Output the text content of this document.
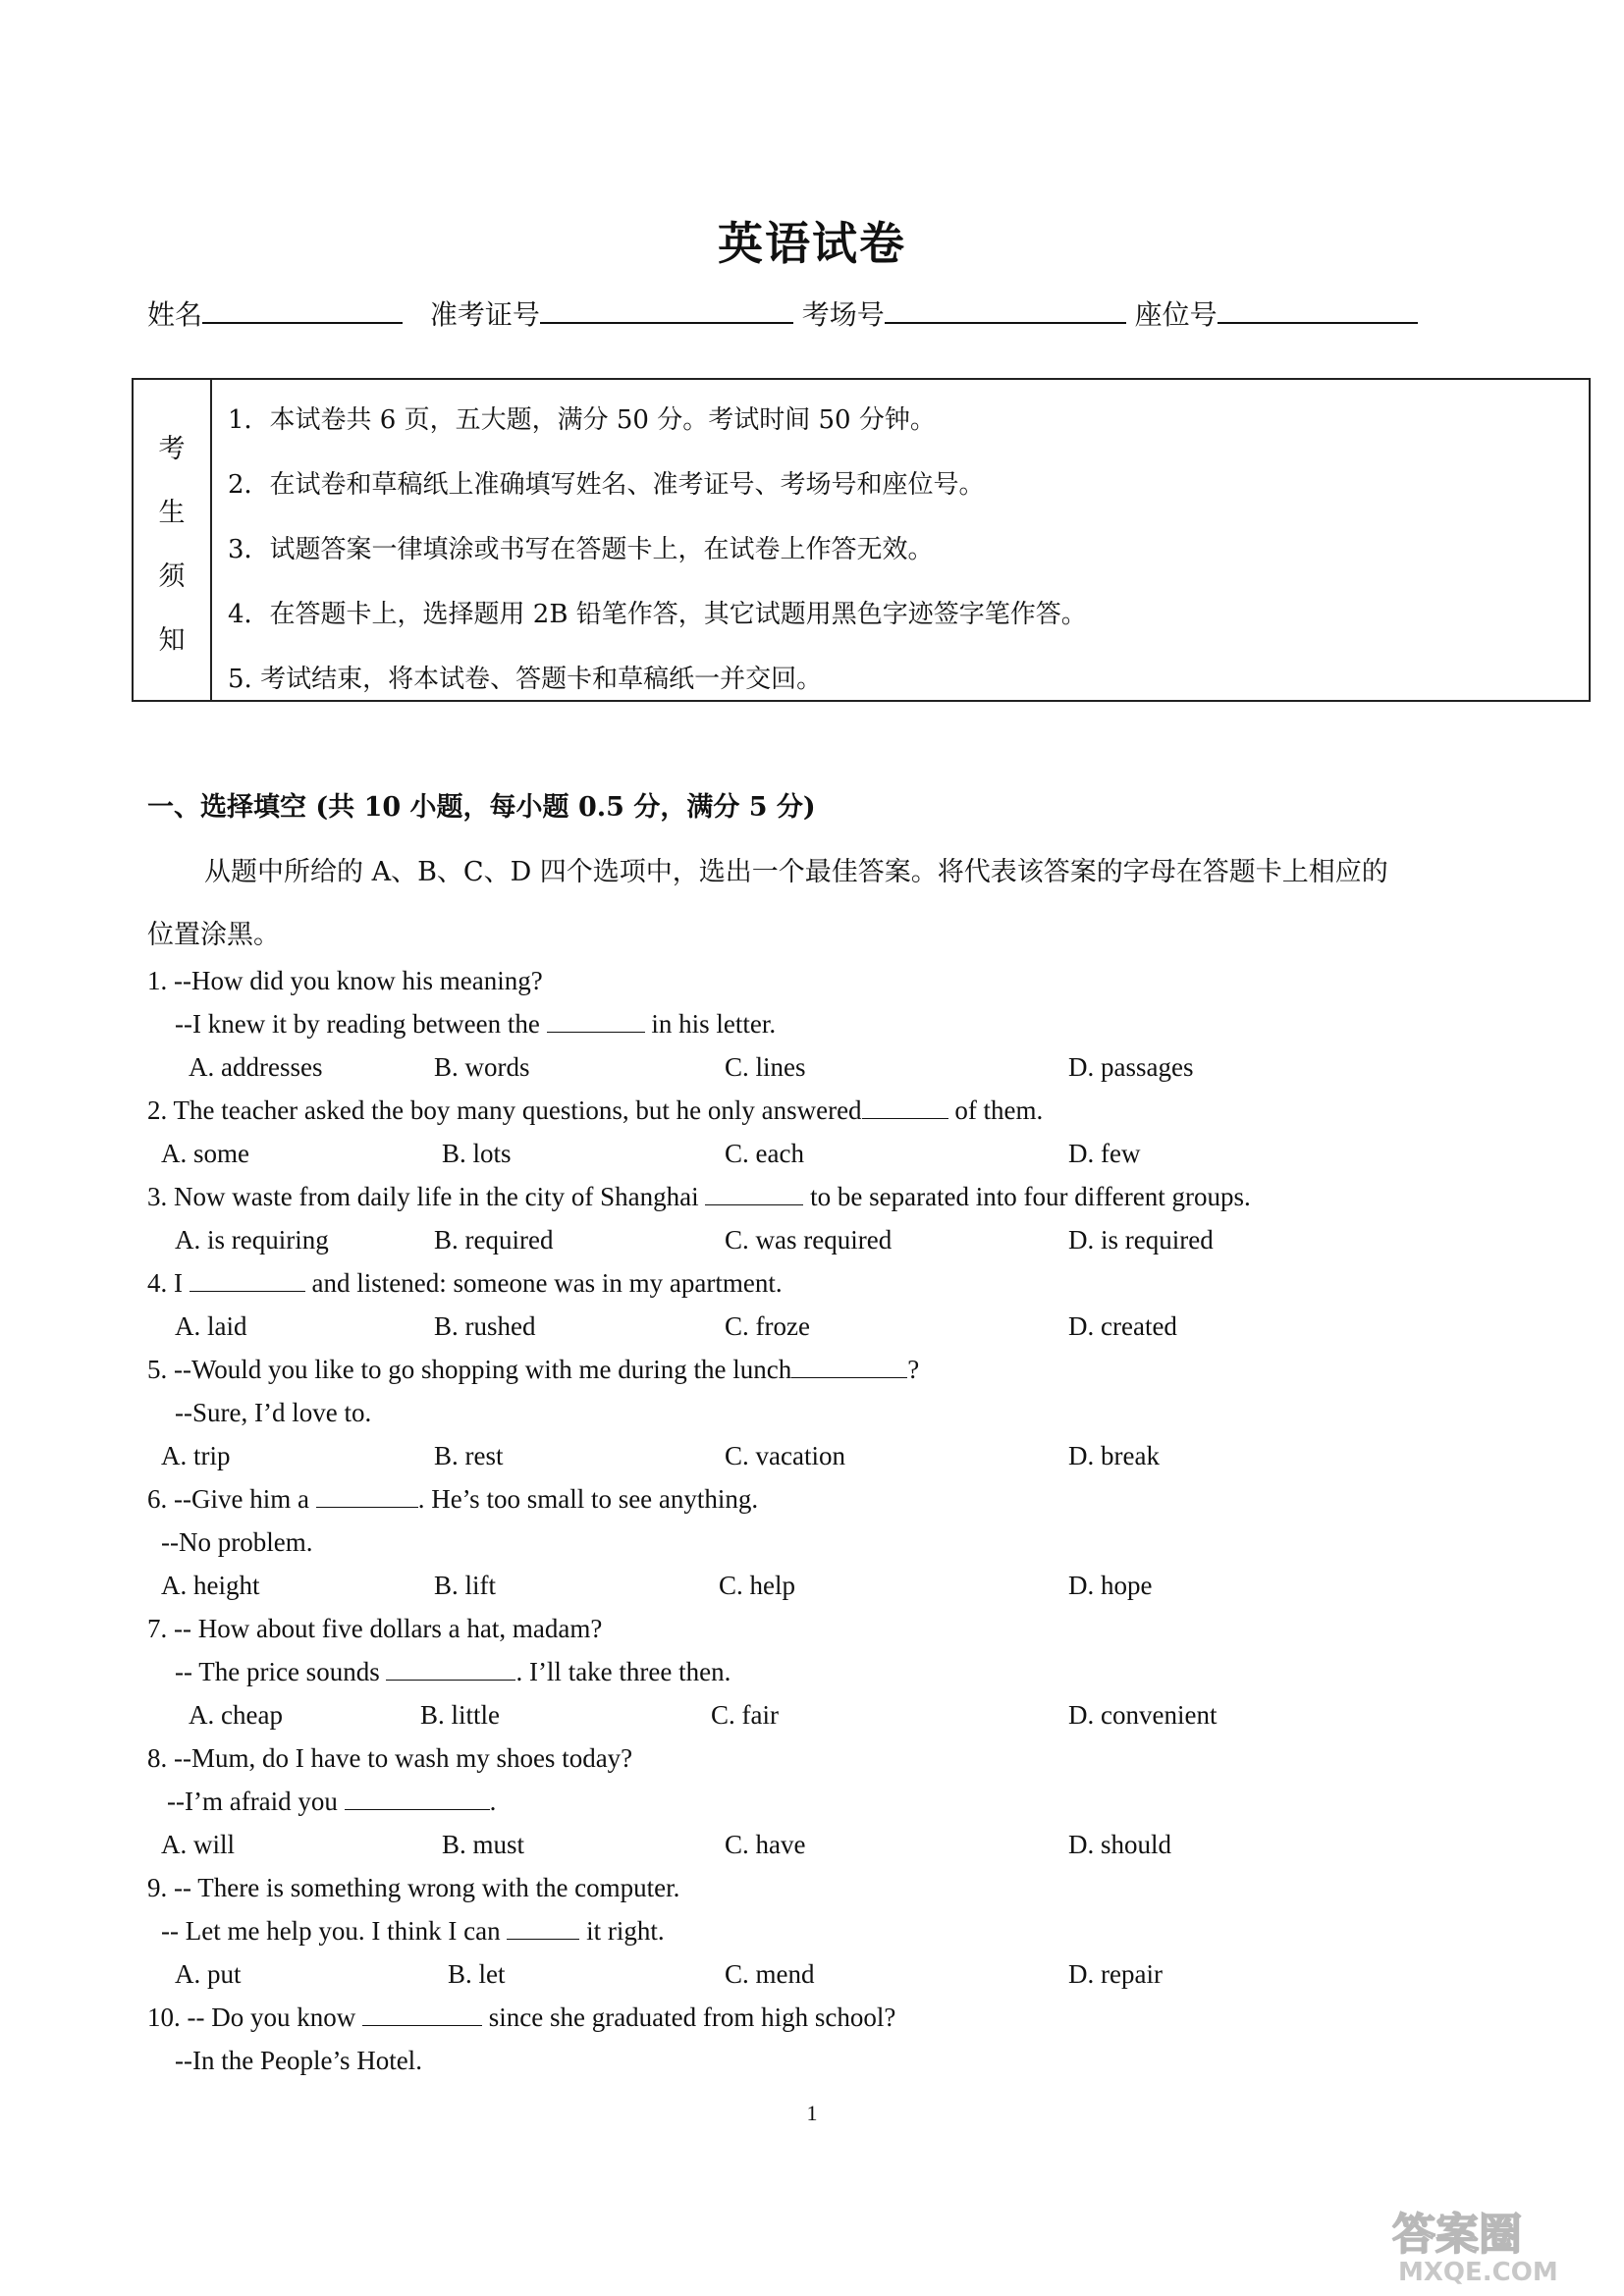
英语试卷
姓名	准考证号	考场号	座位号
考
生
须
知
1．本试卷共 6 页，五大题，满分 50 分。考试时间 50 分钟。
2．在试卷和草稿纸上准确填写姓名、准考证号、考场号和座位号。
3．试题答案一律填涂或书写在答题卡上，在试卷上作答无效。
4．在答题卡上，选择题用 2B 铅笔作答，其它试题用黑色字迹签字笔作答。
5. 考试结束，将本试卷、答题卡和草稿纸一并交回。
一、选择填空 (共 10 小题，每小题 0.5 分，满分 5 分)
从题中所给的 A、B、C、D 四个选项中，选出一个最佳答案。将代表该答案的字母在答题卡上相应的
位置涂黑。
1. --How did you know his meaning?
--I knew it by reading between the	in his letter.
A. addresses	B. words	C. lines	D. passages
2. The teacher asked the boy many questions, but he only answered	of them.
A. some	B. lots	C. each	D. few
3. Now waste from daily life in the city of Shanghai	to be separated into four different groups.
A. is requiring	B. required	C. was required	D. is required
4. I	and listened: someone was in my apartment.
A. laid	B. rushed	C. froze	D. created
5. --Would you like to go shopping with me during the lunch	?
--Sure, I’d love to.
A. trip	B. rest	C. vacation	D. break
6. --Give him a	. He’s too small to see anything.
--No problem.
A. height	B. lift	C. help	D. hope
7. -- How about five dollars a hat, madam?
-- The price sounds	. I’ll take three then.
A. cheap	B. little	C. fair	D. convenient
8. --Mum, do I have to wash my shoes today?
--I’m afraid you	.
A. will	B. must	C. have	D. should
9. -- There is something wrong with the computer.
-- Let me help you. I think I can	it right.
A. put	B. let	C. mend	D. repair
10. -- Do you know	since she graduated from high school?
--In the People’s Hotel.
1
答案圈
MXQE.COM
